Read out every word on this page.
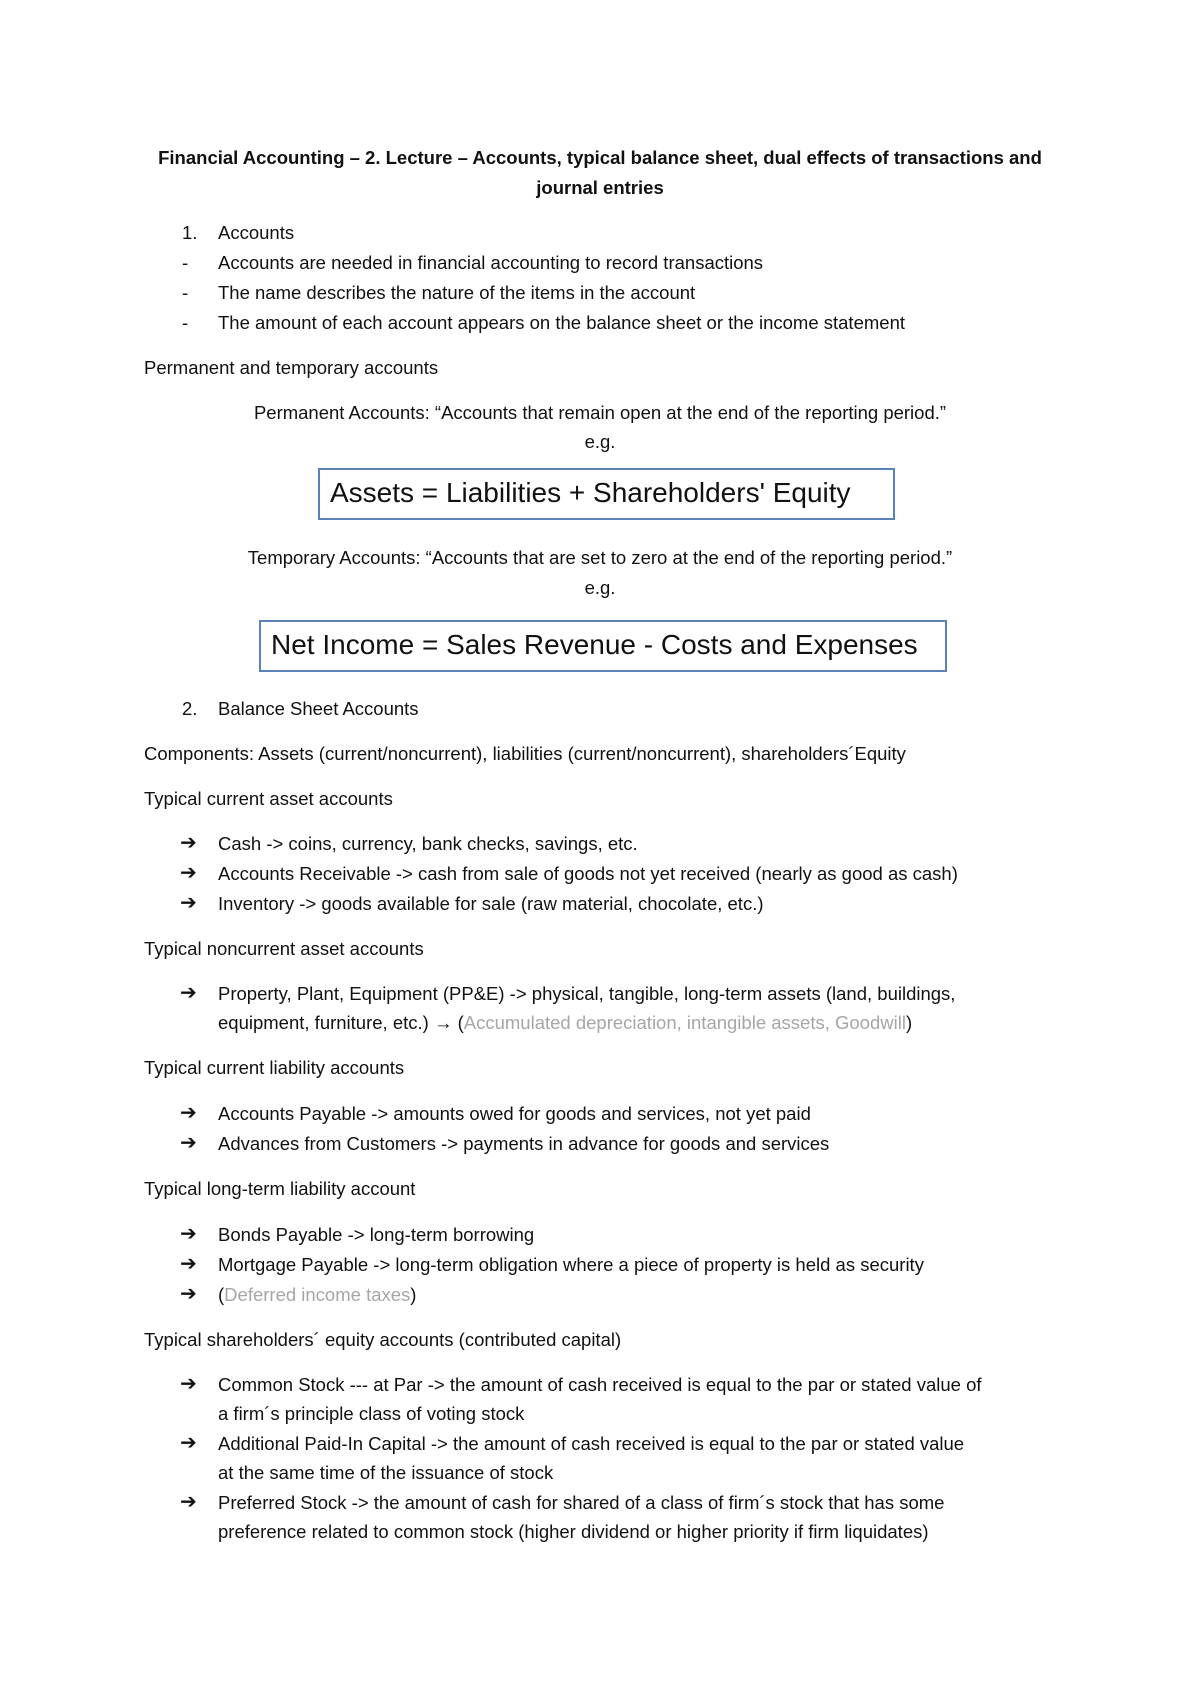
Financial Accounting – 2. Lecture – Accounts, typical balance sheet, dual effects of transactions and
journal entries
1. Accounts
- Accounts are needed in financial accounting to record transactions
- The name describes the nature of the items in the account
- The amount of each account appears on the balance sheet or the income statement
Permanent and temporary accounts
Permanent Accounts: “Accounts that remain open at the end of the reporting period.”
e.g.
Assets = Liabilities + Shareholders' Equity
Temporary Accounts: “Accounts that are set to zero at the end of the reporting period.”
e.g.
Net Income = Sales Revenue - Costs and Expenses
2. Balance Sheet Accounts
Components: Assets (current/noncurrent), liabilities (current/noncurrent), shareholders´Equity
Typical current asset accounts
➔ Cash -> coins, currency, bank checks, savings, etc.
➔ Accounts Receivable -> cash from sale of goods not yet received (nearly as good as cash)
➔ Inventory -> goods available for sale (raw material, chocolate, etc.)
Typical noncurrent asset accounts
➔ Property, Plant, Equipment (PP&E) -> physical, tangible, long-term assets (land, buildings,
equipment, furniture, etc.) → (Accumulated depreciation, intangible assets, Goodwill)
Typical current liability accounts
➔ Accounts Payable -> amounts owed for goods and services, not yet paid
➔ Advances from Customers -> payments in advance for goods and services
Typical long-term liability account
➔ Bonds Payable -> long-term borrowing
➔ Mortgage Payable -> long-term obligation where a piece of property is held as security
➔ (Deferred income taxes)
Typical shareholders´ equity accounts (contributed capital)
➔ Common Stock --- at Par -> the amount of cash received is equal to the par or stated value of
a firm´s principle class of voting stock
➔ Additional Paid-In Capital -> the amount of cash received is equal to the par or stated value
at the same time of the issuance of stock
➔ Preferred Stock -> the amount of cash for shared of a class of firm´s stock that has some
preference related to common stock (higher dividend or higher priority if firm liquidates)
